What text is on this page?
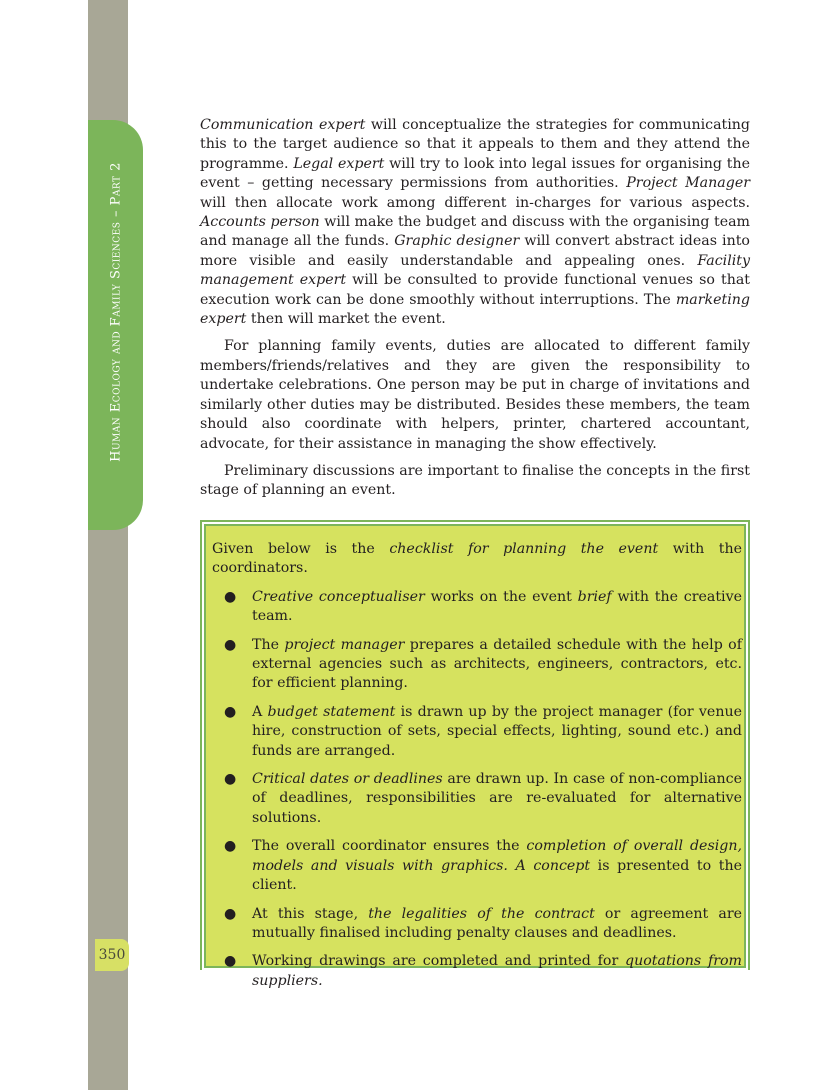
Human Ecology and Family Sciences – Part 2
350

Communication expert will conceptualize the strategies for communicating this to the target audience so that it appeals to them and they attend the programme. Legal expert will try to look into legal issues for organising the event – getting necessary permissions from authorities. Project Manager will then allocate work among different in-charges for various aspects. Accounts person will make the budget and discuss with the organising team and manage all the funds. Graphic designer will convert abstract ideas into more visible and easily understandable and appealing ones. Facility management expert will be consulted to provide functional venues so that execution work can be done smoothly without interruptions. The marketing expert then will market the event.

For planning family events, duties are allocated to different family members/friends/relatives and they are given the responsibility to undertake celebrations. One person may be put in charge of invitations and similarly other duties may be distributed. Besides these members, the team should also coordinate with helpers, printer, chartered accountant, advocate, for their assistance in managing the show effectively.

Preliminary discussions are important to finalise the concepts in the first stage of planning an event.

Given below is the checklist for planning the event with the coordinators.

● Creative conceptualiser works on the event brief with the creative team.
● The project manager prepares a detailed schedule with the help of external agencies such as architects, engineers, contractors, etc. for efficient planning.
● A budget statement is drawn up by the project manager (for venue hire, construction of sets, special effects, lighting, sound etc.) and funds are arranged.
● Critical dates or deadlines are drawn up. In case of non-compliance of deadlines, responsibilities are re-evaluated for alternative solutions.
● The overall coordinator ensures the completion of overall design, models and visuals with graphics. A concept is presented to the client.
● At this stage, the legalities of the contract or agreement are mutually finalised including penalty clauses and deadlines.
● Working drawings are completed and printed for quotations from suppliers.
